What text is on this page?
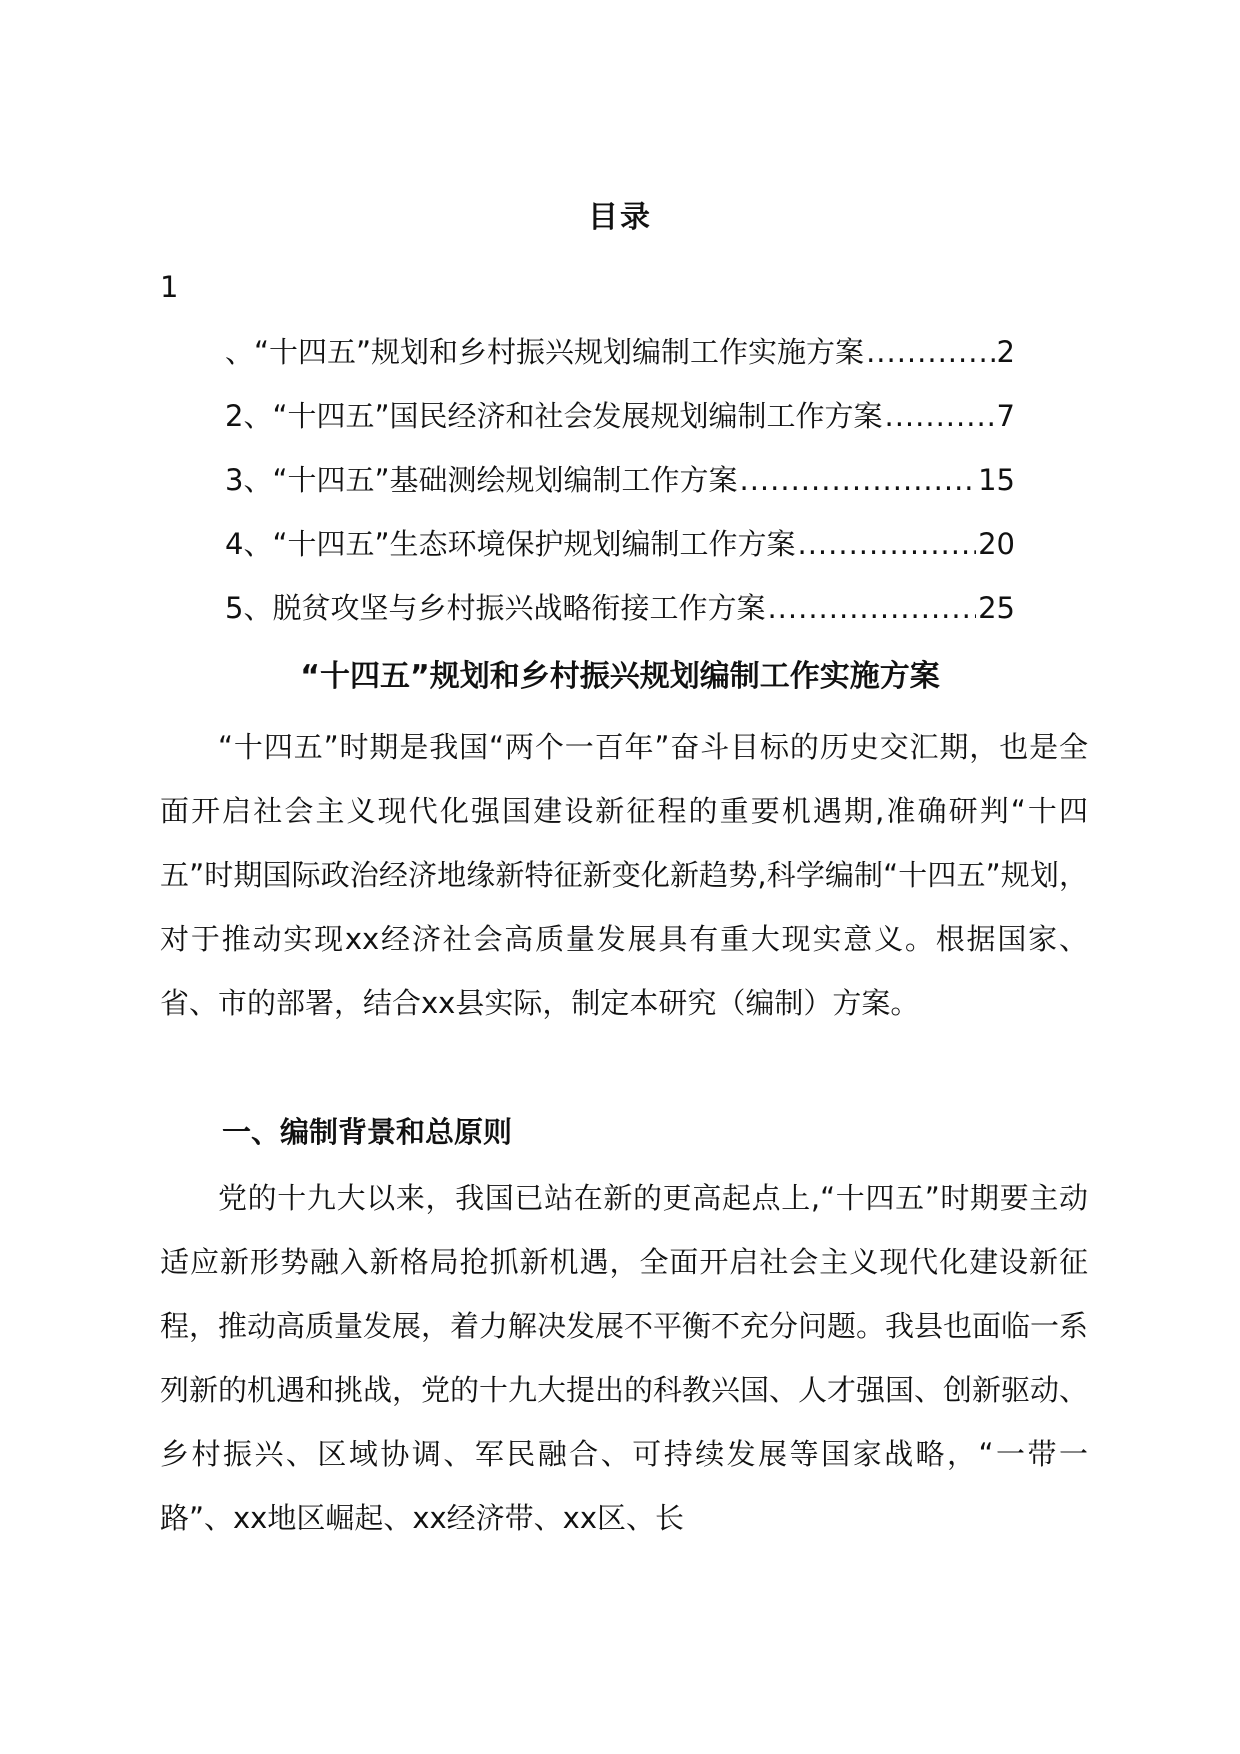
目录
1
、“十四五”规划和乡村振兴规划编制工作实施方案 .....	2
2、“十四五”国民经济和社会发展规划编制工作方案 .....	7
3、“十四五”基础测绘规划编制工作方案 .....	15
4、“十四五”生态环境保护规划编制工作方案 .....	20
5、脱贫攻坚与乡村振兴战略衔接工作方案 .....	25
“十四五”规划和乡村振兴规划编制工作实施方案

“十四五”时期是我国“两个一百年”奋斗目标的历史交汇期，也是全面开启社会主义现代化强国建设新征程的重要机遇期,准确研判“十四五”时期国际政治经济地缘新特征新变化新趋势,科学编制“十四五”规划，对于推动实现xx经济社会高质量发展具有重大现实意义。根据国家、省、市的部署，结合xx县实际，制定本研究（编制）方案。

一、编制背景和总原则

党的十九大以来，我国已站在新的更高起点上,“十四五”时期要主动适应新形势融入新格局抢抓新机遇，全面开启社会主义现代化建设新征程，推动高质量发展，着力解决发展不平衡不充分问题。我县也面临一系列新的机遇和挑战，党的十九大提出的科教兴国、人才强国、创新驱动、乡村振兴、区域协调、军民融合、可持续发展等国家战略，“一带一路”、xx地区崛起、xx经济带、xx区、长
